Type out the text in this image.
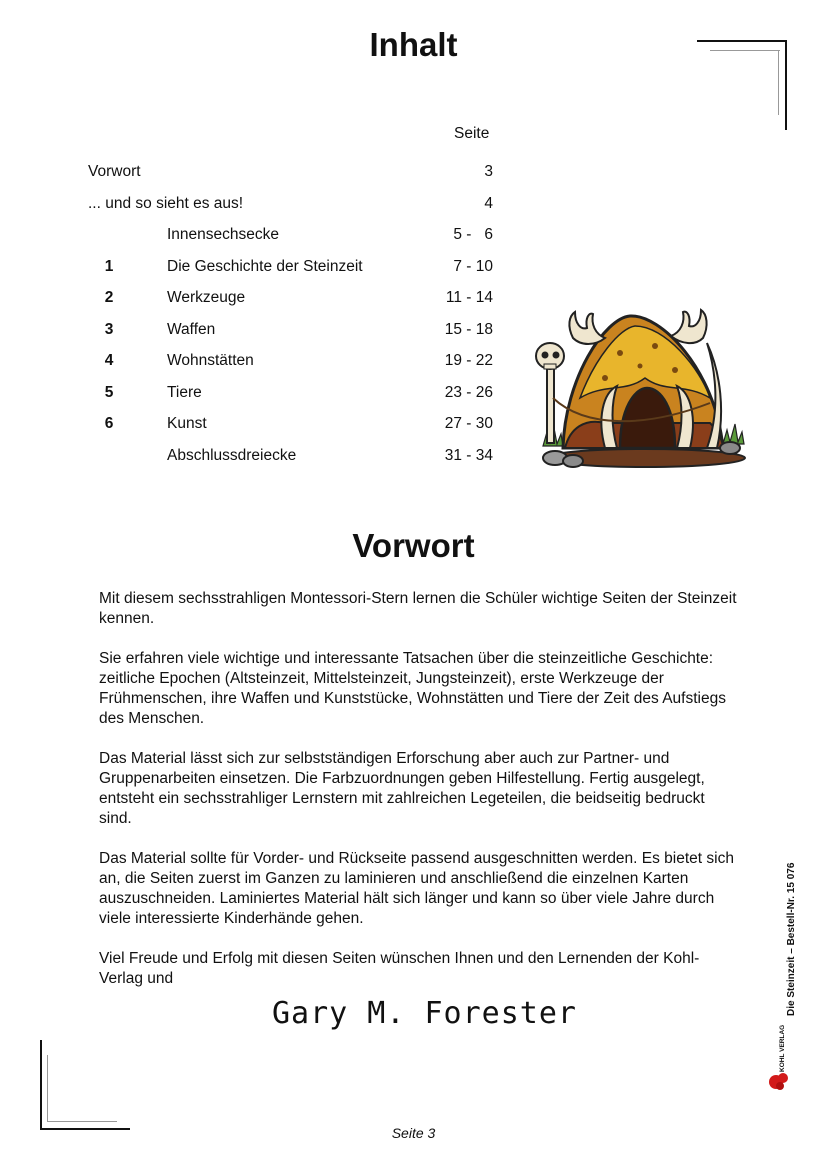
Inhalt
Seite
Vorwort	3
... und so sieht es aus!	4
Innensechsecke	5 -   6
1	Die Geschichte der Steinzeit	7 - 10
2	Werkzeuge	11 - 14
3	Waffen	15 - 18
4	Wohnstätten	19 - 22
5	Tiere	23 - 26
6	Kunst	27 - 30
Abschlussdreiecke	31 - 34
Vorwort

Mit diesem sechsstrahligen Montessori-Stern lernen die Schüler wichtige Seiten der Steinzeit kennen.

Sie erfahren viele wichtige und interessante Tatsachen über die steinzeitliche Geschichte: zeitliche Epochen (Altsteinzeit, Mittelsteinzeit, Jungsteinzeit), erste Werkzeuge der Frühmenschen, ihre Waffen und Kunststücke, Wohnstätten und Tiere der Zeit des Aufstiegs des Menschen.

Das Material lässt sich zur selbstständigen Erforschung aber auch zur Partner- und Gruppenarbeiten einsetzen. Die Farbzuordnungen geben Hilfestellung. Fertig ausgelegt, entsteht ein sechsstrahliger Lernstern mit zahlreichen Legeteilen, die beidseitig bedruckt sind.

Das Material sollte für Vorder- und Rückseite passend ausgeschnitten werden. Es bietet sich an, die Seiten zuerst im Ganzen zu laminieren und anschließend die einzelnen Karten auszuschneiden. Laminiertes Material hält sich länger und kann so über viele Jahre durch viele interessierte Kinderhände gehen.

Viel Freude und Erfolg mit diesen Seiten wünschen Ihnen und den Lernenden der Kohl-Verlag und

Gary M. Forester	Die Steinzeit – Bestell-Nr. 15 076
KOHL VERLAG
Seite 3
